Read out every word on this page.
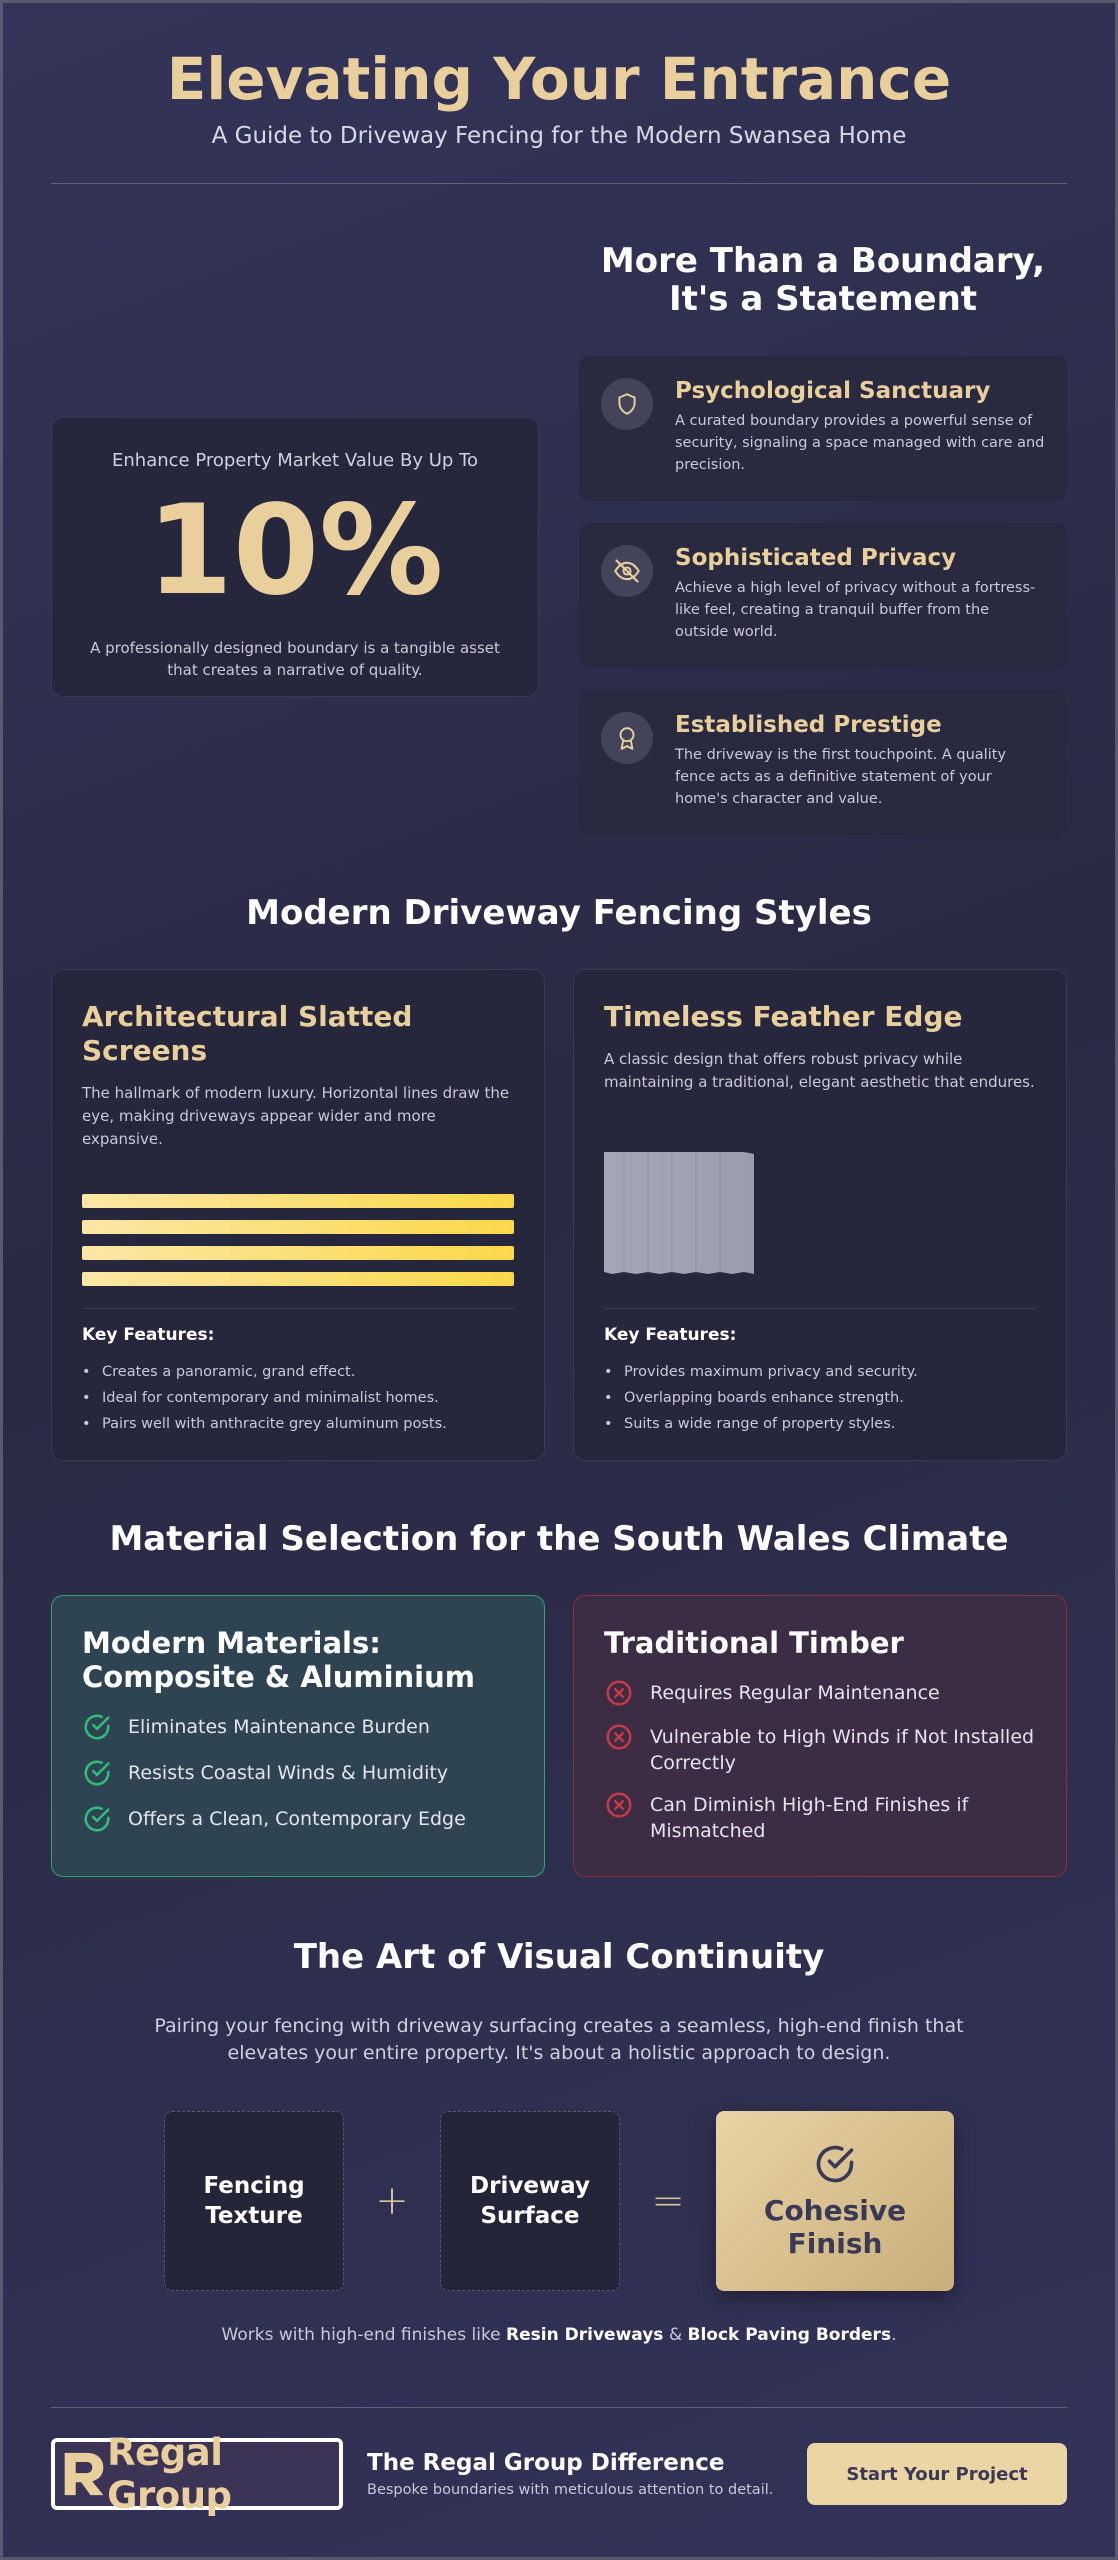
Elevating Your Entrance

A Guide to Driveway Fencing for the Modern Swansea Home

Enhance Property Market Value By Up To
10%
A professionally designed boundary is a tangible asset that creates a narrative of quality.
More Than a Boundary, It's a Statement
Psychological Sanctuary
A curated boundary provides a powerful sense of security, signaling a space managed with care and precision.
Sophisticated Privacy
Achieve a high level of privacy without a fortress-like feel, creating a tranquil buffer from the outside world.
Established Prestige
The driveway is the first touchpoint. A quality fence acts as a definitive statement of your home's character and value.
Modern Driveway Fencing Styles
Architectural Slatted Screens
The hallmark of modern luxury. Horizontal lines draw the eye, making driveways appear wider and more expansive.
Key Features:
• Creates a panoramic, grand effect.
• Ideal for contemporary and minimalist homes.
• Pairs well with anthracite grey aluminum posts.
Timeless Feather Edge
A classic design that offers robust privacy while maintaining a traditional, elegant aesthetic that endures.
Key Features:
• Provides maximum privacy and security.
• Overlapping boards enhance strength.
• Suits a wide range of property styles.
Material Selection for the South Wales Climate
Modern Materials: Composite & Aluminium
Eliminates Maintenance Burden
Resists Coastal Winds & Humidity
Offers a Clean, Contemporary Edge
Traditional Timber
Requires Regular Maintenance
Vulnerable to High Winds if Not Installed Correctly
Can Diminish High-End Finishes if Mismatched
The Art of Visual Continuity

Pairing your fencing with driveway surfacing creates a seamless, high-end finish that elevates your entire property. It's about a holistic approach to design.

Fencing Texture	+	Driveway Surface	=	Cohesive Finish

Works with high-end finishes like Resin Driveways & Block Paving Borders.

Regal Group
The Regal Group Difference
Bespoke boundaries with meticulous attention to detail.
Start Your Project
